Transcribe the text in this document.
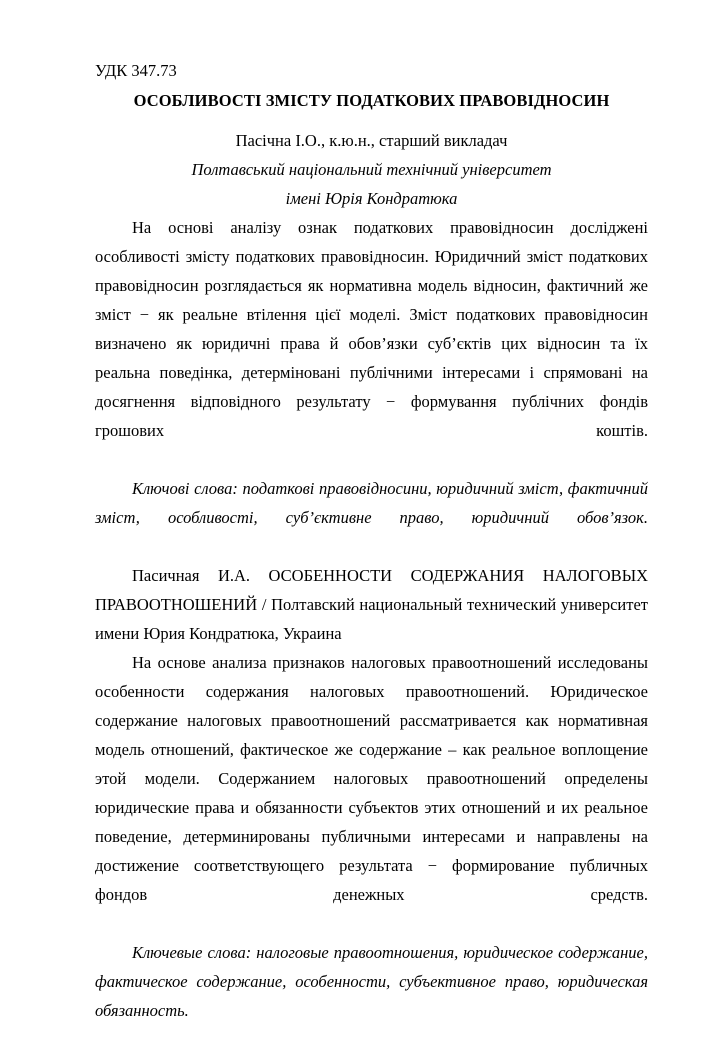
УДК 347.73
ОСОБЛИВОСТІ ЗМІСТУ ПОДАТКОВИХ ПРАВОВІДНОСИН
Пасічна І.О., к.ю.н., старший викладач
Полтавський національний технічний університет
імені Юрія Кондратюка

На основі аналізу ознак податкових правовідносин досліджені особливості змісту податкових правовідносин. Юридичний зміст податкових правовідносин розглядається як нормативна модель відносин, фактичний же зміст − як реальне втілення цієї моделі. Зміст податкових правовідносин визначено як юридичні права й обов’язки суб’єктів цих відносин та їх реальна поведінка, детерміновані публічними інтересами і спрямовані на досягнення відповідного результату − формування публічних фондів грошових коштів.

Ключові слова: податкові правовідносини, юридичний зміст, фактичний зміст, особливості, суб’єктивне право, юридичний обов’язок.

Пасичная И.А. ОСОБЕННОСТИ СОДЕРЖАНИЯ НАЛОГОВЫХ ПРАВООТНОШЕНИЙ / Полтавский национальный технический университет имени Юрия Кондратюка, Украина

На основе анализа признаков налоговых правоотношений исследованы особенности содержания налоговых правоотношений. Юридическое содержание налоговых правоотношений рассматривается как нормативная модель отношений, фактическое же содержание – как реальное воплощение этой модели. Содержанием налоговых правоотношений определены юридические права и обязанности субъектов этих отношений и их реальное поведение, детерминированы публичными интересами и направлены на достижение соответствующего результата − формирование публичных фондов денежных средств.

Ключевые слова: налоговые правоотношения, юридическое содержание, фактическое содержание, особенности, субъективное право, юридическая обязанность.
